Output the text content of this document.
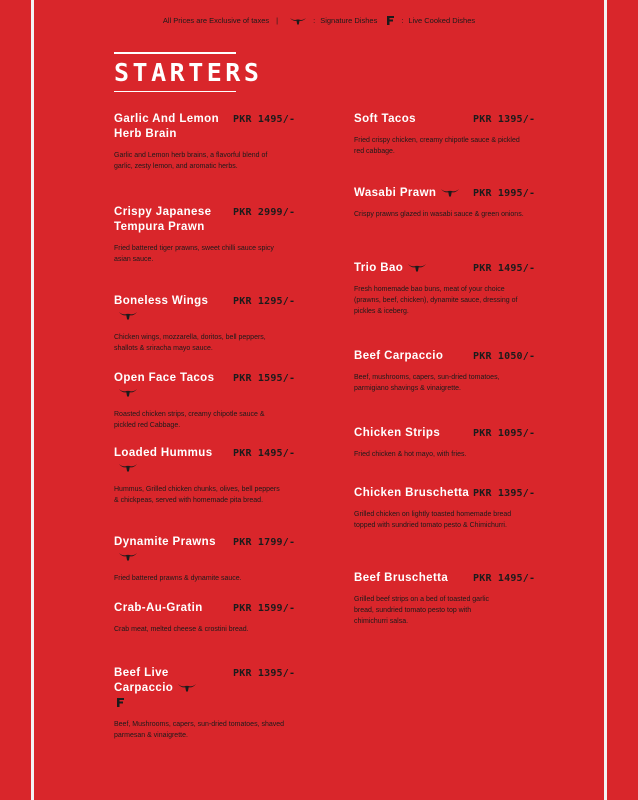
All Prices are Exclusive of taxes |	: Signature Dishes	: Live Cooked Dishes
STARTERS
Garlic And Lemon Herb Brain
PKR 1495/-
Garlic and Lemon herb brains, a flavorful blend of garlic, zesty lemon, and aromatic herbs.
Crispy Japanese Tempura Prawn
PKR 2999/-
Fried battered tiger prawns, sweet chilli sauce spicy asian sauce.
Boneless Wings	PKR 1295/-
Chicken wings, mozzarella, doritos, bell peppers, shallots & sriracha mayo sauce.
Open Face Tacos	PKR 1595/-
Roasted chicken strips, creamy chipotle sauce & pickled red Cabbage.
Loaded Hummus	PKR 1495/-
Hummus, Grilled chicken chunks, olives, bell peppers & chickpeas, served with homemade pita bread.
Dynamite Prawns	PKR 1799/-
Fried battered prawns & dynamite sauce.
Crab-Au-Gratin	PKR 1599/-
Crab meat, melted cheese & crostini bread.
Beef Live Carpaccio
PKR 1395/-
Beef, Mushrooms, capers, sun-dried tomatoes, shaved parmesan & vinaigrette.
Soft Tacos	PKR 1395/-
Fried crispy chicken, creamy chipotle sauce & pickled red cabbage.
Wasabi Prawn	PKR 1995/-
Crispy prawns glazed in wasabi sauce & green onions.
Trio Bao	PKR 1495/-
Fresh homemade bao buns, meat of your choice (prawns, beef, chicken), dynamite sauce, dressing of pickles & iceberg.
Beef Carpaccio	PKR 1050/-
Beef, mushrooms, capers, sun-dried tomatoes, parmigiano shavings & vinaigrette.
Chicken Strips	PKR 1095/-
Fried chicken & hot mayo, with fries.
Chicken Bruschetta PKR 1395/-
Grilled chicken on lightly toasted homemade bread topped with sundried tomato pesto & Chimichurri.
Beef Bruschetta	PKR 1495/-
Grilled beef strips on a bed of toasted garlic bread, sundried tomato pesto top with chimichurri salsa.
